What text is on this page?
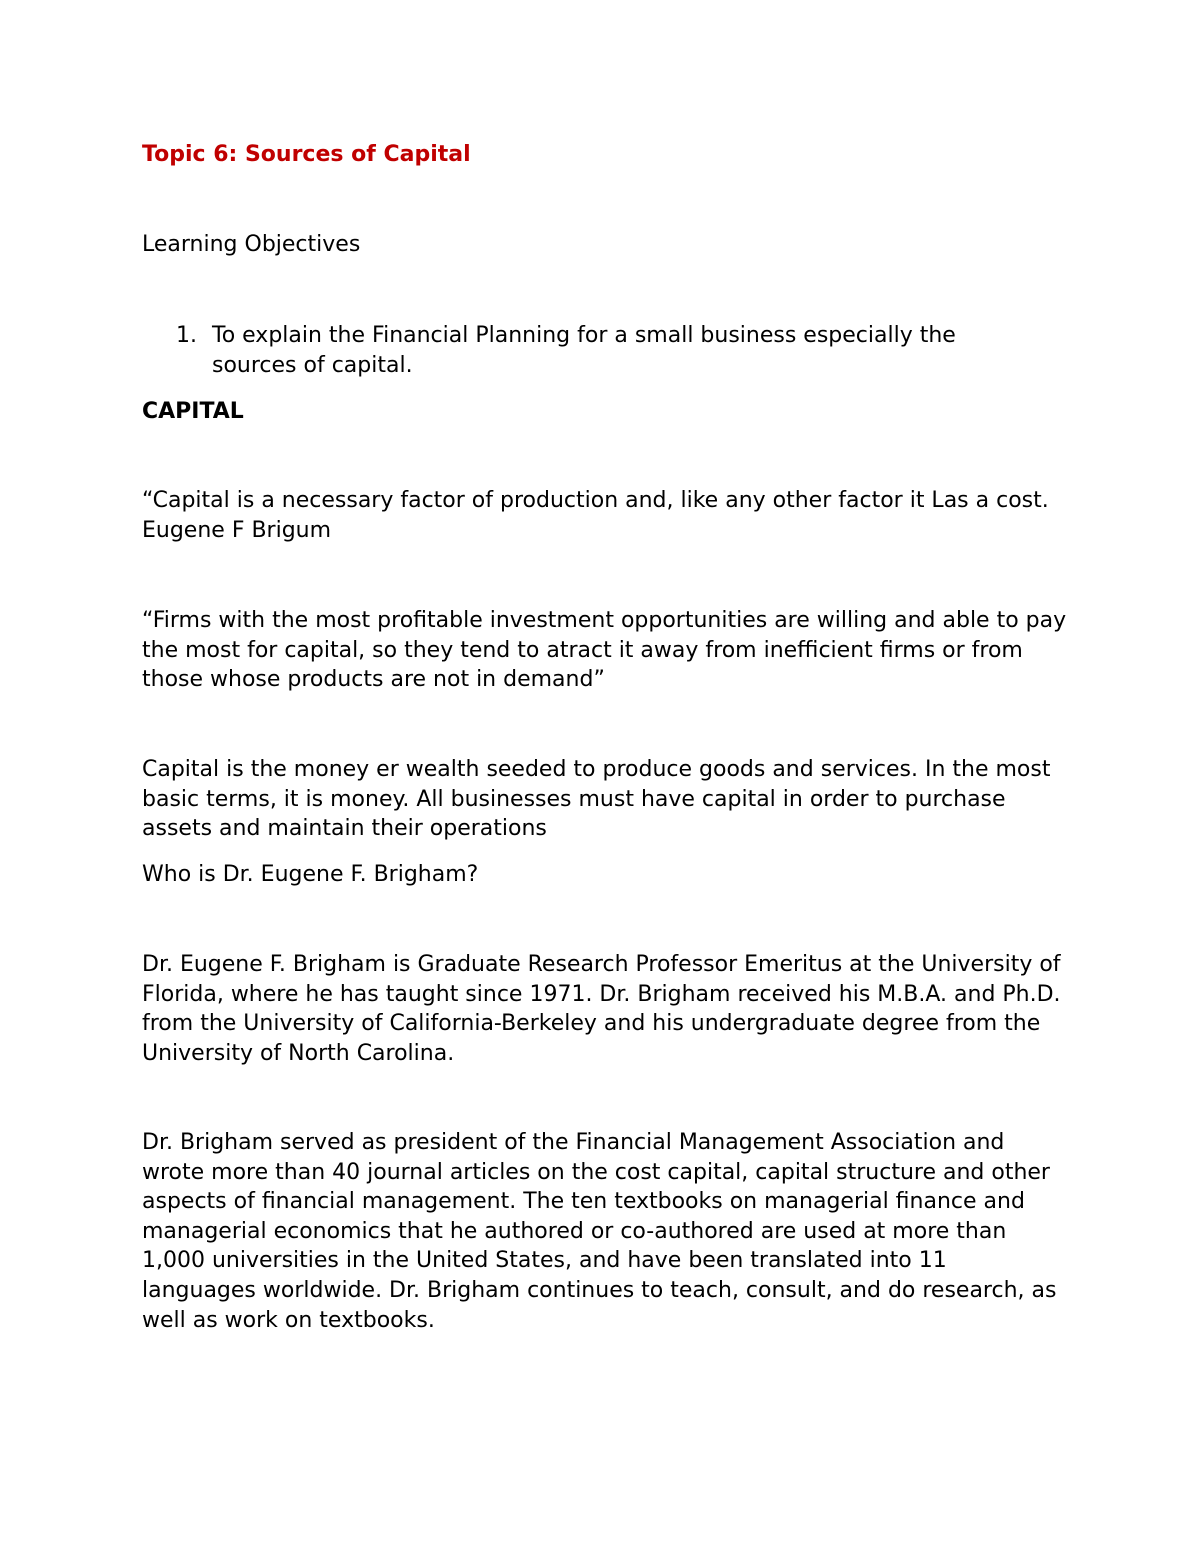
Topic 6: Sources of Capital

Learning Objectives

1. To explain the Financial Planning for a small business especially the sources of capital.

CAPITAL

“Capital is a necessary factor of production and, like any other factor it Las a cost. Eugene F Brigum

“Firms with the most profitable investment opportunities are willing and able to pay the most for capital, so they tend to atract it away from inefficient firms or from those whose products are not in demand”

Capital is the money er wealth seeded to produce goods and services. In the most basic terms, it is money. All businesses must have capital in order to purchase assets and maintain their operations

Who is Dr. Eugene F. Brigham?

Dr. Eugene F. Brigham is Graduate Research Professor Emeritus at the University of Florida, where he has taught since 1971. Dr. Brigham received his M.B.A. and Ph.D. from the University of California-Berkeley and his undergraduate degree from the University of North Carolina.

Dr. Brigham served as president of the Financial Management Association and wrote more than 40 journal articles on the cost capital, capital structure and other aspects of financial management. The ten textbooks on managerial finance and managerial economics that he authored or co-authored are used at more than 1,000 universities in the United States, and have been translated into 11 languages worldwide. Dr. Brigham continues to teach, consult, and do research, as well as work on textbooks.
